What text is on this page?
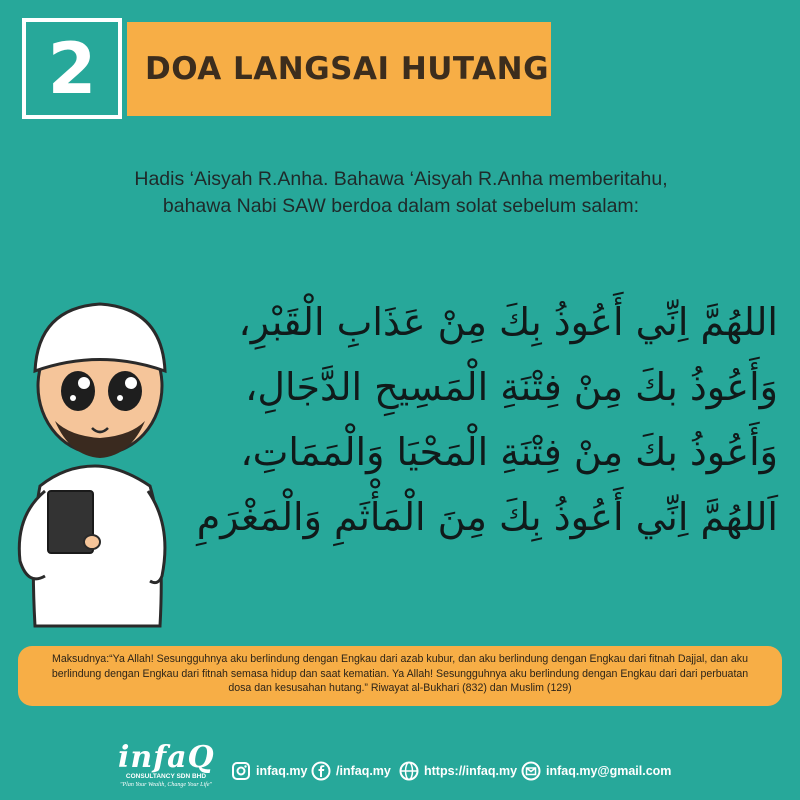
2 DOA LANGSAI HUTANG
Hadis ‘Aisyah R.Anha. Bahawa ‘Aisyah R.Anha memberitahu,
bahawa Nabi SAW berdoa dalam solat sebelum salam:
اللهُمَّ اِنِّي أَعُوذُ بِكَ مِنْ عَذَابِ الْقَبْرِ،
وَأَعُوذُ بكَ مِنْ فِتْنَةِ الْمَسِيحِ الدَّجَالِ،
وَأَعُوذُ بكَ مِنْ فِتْنَةِ الْمَحْيَا وَالْمَمَاتِ،
اَللهُمَّ اِنِّي أَعُوذُ بِكَ مِنَ الْمَأْثَمِ وَالْمَغْرَمِ
Maksudnya:“Ya Allah! Sesungguhnya aku berlindung dengan Engkau dari azab kubur, dan aku berlindung dengan Engkau dari fitnah Dajjal, dan aku
berlindung dengan Engkau dari fitnah semasa hidup dan saat kematian. Ya Allah! Sesungguhnya aku berlindung dengan Engkau dari dari perbuatan
dosa dan kesusahan hutang.” Riwayat al-Bukhari (832) dan Muslim (129)
infaQ
CONSULTANCY SDN BHD
"Plan Your Wealth, Change Your Life"
infaq.my /infaq.my	https://infaq.my infaq.my@gmail.com
